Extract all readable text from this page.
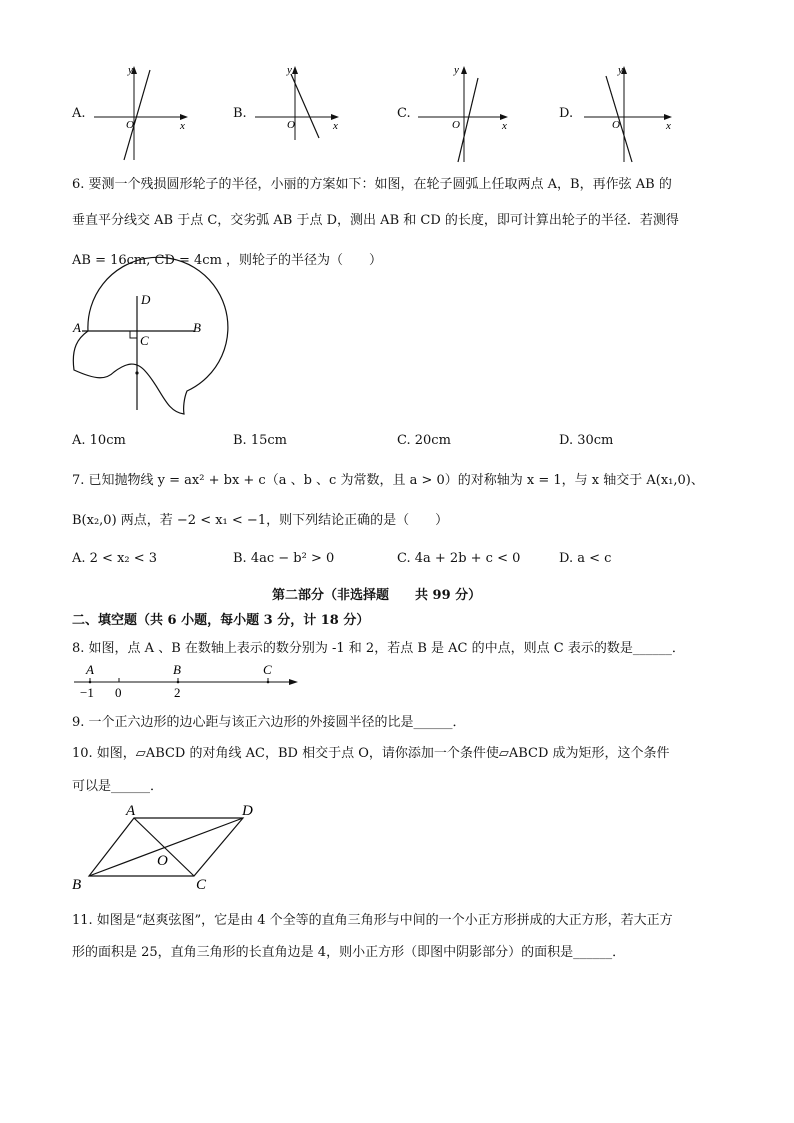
A.
y
x
O
B.
y
x
O
C.
y
x
O
D.
y
x
O
6. 要测一个残损圆形轮子的半径，小丽的方案如下：如图，在轮子圆弧上任取两点 A，B，再作弦 AB 的
垂直平分线交 AB 于点 C，交劣弧 AB 于点 D，测出 AB 和 CD 的长度，即可计算出轮子的半径．若测得
AB = 16cm, CD = 4cm ，则轮子的半径为（　　）
D
A	B
C
A. 10cm	B. 15cm	C. 20cm	D. 30cm
7. 已知抛物线 y = ax² + bx + c（a 、b 、c 为常数，且 a > 0）的对称轴为 x = 1，与 x 轴交于 A(x₁,0)、
B(x₂,0) 两点，若 −2 < x₁ < −1，则下列结论正确的是（　　）
A. 2 < x₂ < 3	B. 4ac − b² > 0	C. 4a + 2b + c < 0	D. a < c
第二部分（非选择题　　共 99 分）
二、填空题（共 6 小题，每小题 3 分，计 18 分）
8. 如图，点 A 、B 在数轴上表示的数分别为 -1 和 2，若点 B 是 AC 的中点，则点 C 表示的数是______．
A	B	C
−1 0	2
9. 一个正六边形的边心距与该正六边形的外接圆半径的比是______．
10. 如图，▱ABCD 的对角线 AC，BD 相交于点 O，请你添加一个条件使▱ABCD 成为矩形，这个条件
可以是______．
A	D
B	C
O
11. 如图是“赵爽弦图”，它是由 4 个全等的直角三角形与中间的一个小正方形拼成的大正方形，若大正方
形的面积是 25，直角三角形的长直角边是 4，则小正方形（即图中阴影部分）的面积是______．
